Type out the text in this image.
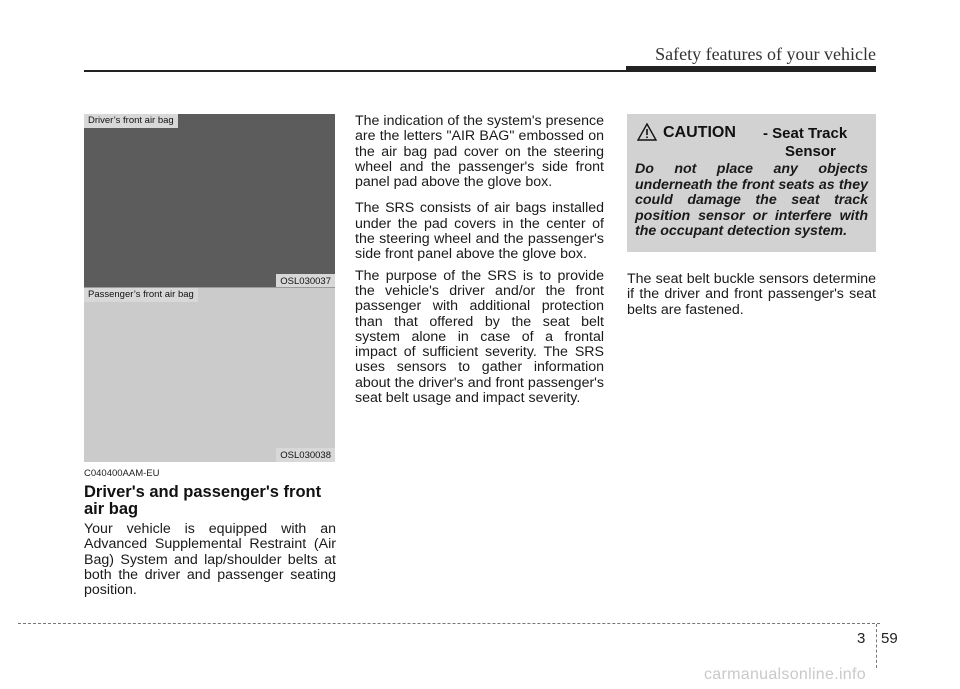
Safety features of your vehicle
Driver’s front air bag
OSL030037
Passenger’s front air bag
OSL030038
C040400AAM-EU
Driver's and passenger's front air bag

Your vehicle is equipped with an Advanced Supplemental Restraint (Air Bag) System and lap/shoulder belts at both the driver and passenger seating position.

The indication of the system's presence are the letters "AIR BAG" embossed on the air bag pad cover on the steering wheel and the passenger's side front panel pad above the glove box.

The SRS consists of air bags installed under the pad covers in the center of the steering wheel and the passenger's side front panel above the glove box.

The purpose of the SRS is to provide the vehicle's driver and/or the front passenger with additional protection than that offered by the seat belt system alone in case of a frontal impact of sufficient severity. The SRS uses sensors to gather information about the driver's and front passenger's seat belt usage and impact severity.

CAUTION - Seat Track
Sensor
Do not place any objects underneath the front seats as they could damage the seat track position sensor or interfere with the occupant detection system.

The seat belt buckle sensors determine if the driver and front passenger's seat belts are fastened.

3 59
carmanualsonline.info
